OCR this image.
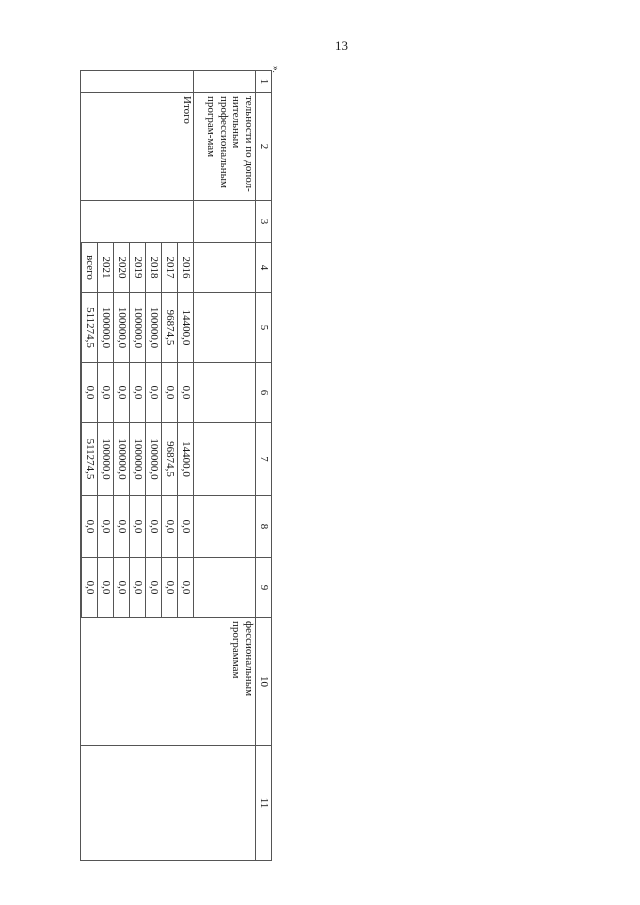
13
».
1	2	3	4	5	6	7	8	9	10	11
	тельности по допол-нительным профессиональным програм-мам								фессиональным программам	
	Итого		2016	14400,0	0,0	14400,0	0,0	0,0		
			2017	96874,5	0,0	96874,5	0,0	0,0		
			2018	100000,0	0,0	100000,0	0,0	0,0		
			2019	100000,0	0,0	100000,0	0,0	0,0		
			2020	100000,0	0,0	100000,0	0,0	0,0		
			2021	100000,0	0,0	100000,0	0,0	0,0		
			всего	511274,5	0,0	511274,5	0,0	0,0		
